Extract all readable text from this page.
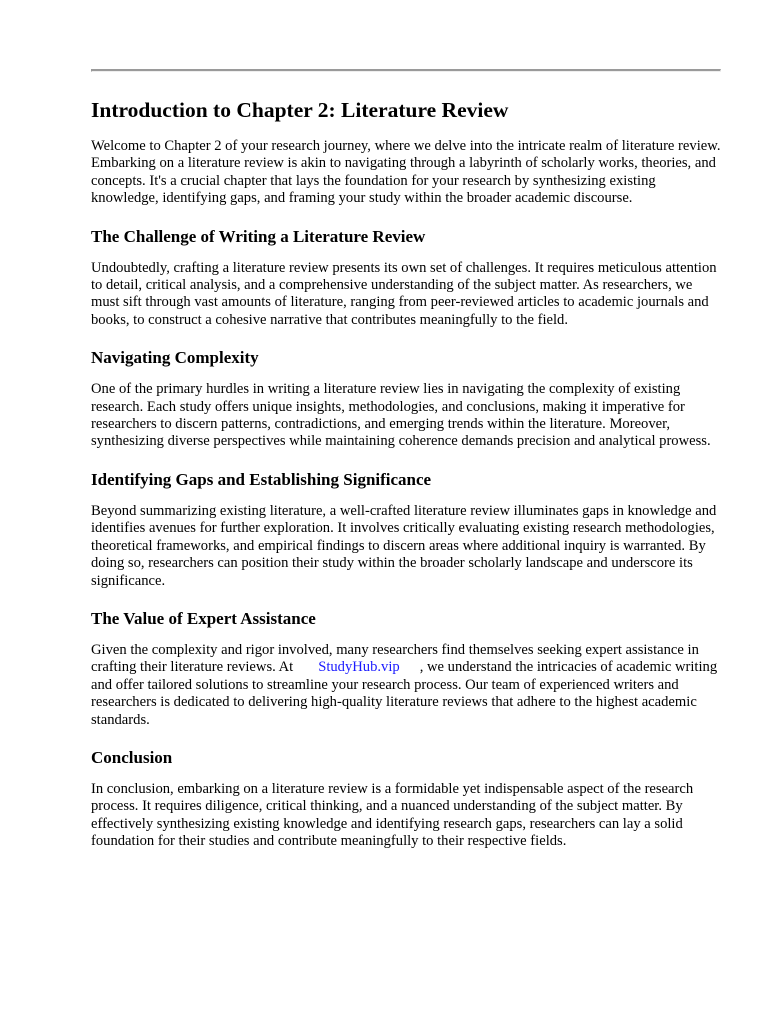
Introduction to Chapter 2: Literature Review

Welcome to Chapter 2 of your research journey, where we delve into the intricate realm of literature review. Embarking on a literature review is akin to navigating through a labyrinth of scholarly works, theories, and concepts. It's a crucial chapter that lays the foundation for your research by synthesizing existing knowledge, identifying gaps, and framing your study within the broader academic discourse.

The Challenge of Writing a Literature Review

Undoubtedly, crafting a literature review presents its own set of challenges. It requires meticulous attention to detail, critical analysis, and a comprehensive understanding of the subject matter. As researchers, we must sift through vast amounts of literature, ranging from peer-reviewed articles to academic journals and books, to construct a cohesive narrative that contributes meaningfully to the field.

Navigating Complexity

One of the primary hurdles in writing a literature review lies in navigating the complexity of existing research. Each study offers unique insights, methodologies, and conclusions, making it imperative for researchers to discern patterns, contradictions, and emerging trends within the literature. Moreover, synthesizing diverse perspectives while maintaining coherence demands precision and analytical prowess.

Identifying Gaps and Establishing Significance

Beyond summarizing existing literature, a well-crafted literature review illuminates gaps in knowledge and identifies avenues for further exploration. It involves critically evaluating existing research methodologies, theoretical frameworks, and empirical findings to discern areas where additional inquiry is warranted. By doing so, researchers can position their study within the broader scholarly landscape and underscore its significance.

The Value of Expert Assistance

Given the complexity and rigor involved, many researchers find themselves seeking expert assistance in crafting their literature reviews. At StudyHub.vip , we understand the intricacies of academic writing and offer tailored solutions to streamline your research process. Our team of experienced writers and researchers is dedicated to delivering high-quality literature reviews that adhere to the highest academic standards.

Conclusion

In conclusion, embarking on a literature review is a formidable yet indispensable aspect of the research process. It requires diligence, critical thinking, and a nuanced understanding of the subject matter. By effectively synthesizing existing knowledge and identifying research gaps, researchers can lay a solid foundation for their studies and contribute meaningfully to their respective fields.
